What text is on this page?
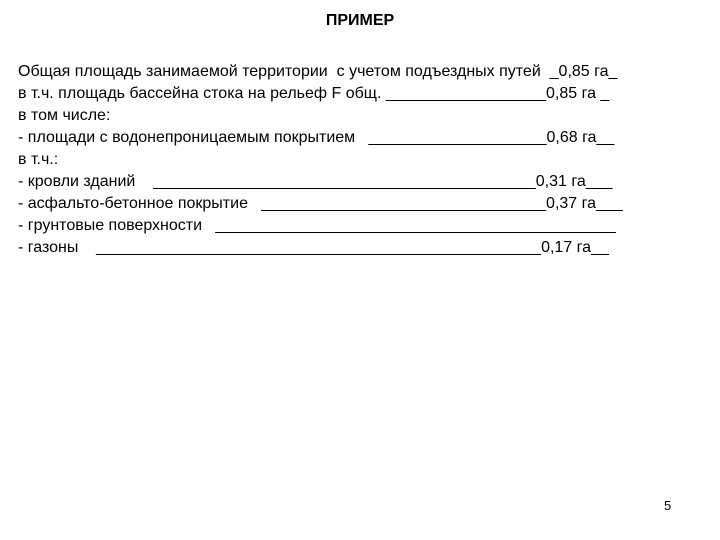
ПРИМЕР
Общая площадь занимаемой территории  с учетом подъездных путей  _0,85 га_
в т.ч. площадь бассейна стока на рельеф F общ. __________________0,85 га _
в том числе:
- площади с водонепроницаемым покрытием   ____________________0,68 га__
в т.ч.:
- кровли зданий    ___________________________________________0,31 га___
- асфальто-бетонное покрытие   ________________________________0,37 га___
- грунтовые поверхности   _____________________________________________
- газоны    __________________________________________________0,17 га__
5
